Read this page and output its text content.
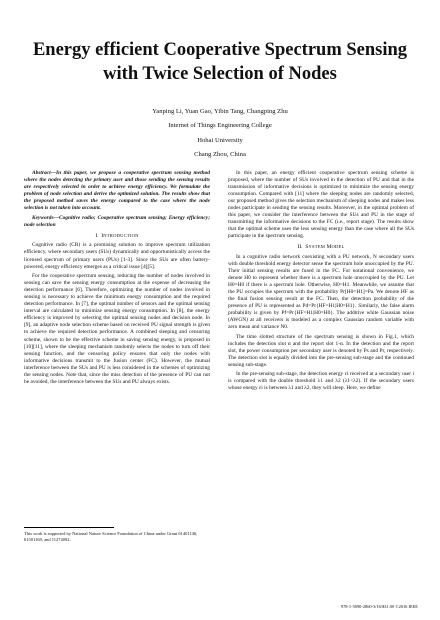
Energy efficient Cooperative Spectrum Sensing
with Twice Selection of Nodes
Yanping Li, Yuan Gao, Yibin Tang, Changping Zhu
Internet of Things Engineering College
Hohai University
Chang Zhou, China

Abstract—In this paper, we propose a cooperative spectrum sensing method where the nodes detecting the primary user and those sending the sensing results are respectively selected in order to achieve energy efficiency. We formulate the problem of node selection and derive the optimized solution. The results show that the proposed method saves the energy compared to the case where the node selection is not taken into account.

Keywords—Cognitive radio; Cooperative spectrum sensing; Energy efficiency; node selection

I. INTRODUCTION

Cognitive radio (CR) is a promising solution to improve spectrum utilization efficiency, where secondary users (SUs) dynamically and opportunistically access the licensed spectrum of primary users (PUs) [1-3]. Since the SUs are often battery-powered, energy efficiency emerges as a critical issue [4][5].

For the cooperative spectrum sensing, reducing the number of nodes involved in sensing can save the sensing energy consumption at the expense of decreasing the detection performance [6]. Therefore, optimizing the number of nodes involved in sensing is necessary to achieve the minimum energy consumption and the required detection performance. In [7], the optimal number of sensors and the optimal sensing interval are calculated to minimize sensing energy consumption. In [8], the energy efficiency is improved by selecting the optimal sensing nodes and decision node. In [9], an adaptive node selection scheme based on received PU signal strength is given to achieve the required detection performance. A combined sleeping and censoring scheme, shown to be the effective scheme in saving sensing energy, is proposed in [10][11], where the sleeping mechanism randomly selects the nodes to turn off their sensing function, and the censoring policy ensures that only the nodes with informative decisions transmit to the fusion center (FC). However, the mutual interference between the SUs and PU is less considered in the schemes of optimizing the sensing nodes. Note that, since the miss detection of the presence of PU can not be avoided, the interference between the SUs and PU always exists.

In this paper, an energy efficient cooperative spectrum sensing scheme is proposed, where the number of SUs involved in the detection of PU and that in the transmission of informative decisions is optimized to minimize the sensing energy consumption. Compared with [11] where the sleeping nodes are randomly selected, our proposed method gives the selection mechanism of sleeping nodes and makes less nodes participate in sending the sensing results. Moreover, in the optimal problem of this paper, we consider the interference between the SUs and PU in the stage of transmitting the informative decisions to the FC (i.e., report stage). The results show that the optimal scheme uses the less sensing energy than the case where all the SUs participate in the spectrum sensing.

II. SYSTEM MODEL

In a cognitive radio network coexisting with a PU network, N secondary users with double threshold energy detector sense the spectrum hole unoccupied by the PU. Their initial sensing results are fused in the FC. For notational convenience, we denote H0 to represent whether there is a spectrum hole unoccupied by the PU. Let H0=H0 if there is a spectrum hole. Otherwise, H0=H1. Meanwhile, we assume that the PU occupies the spectrum with the probability Pr[H0=H1]=Pa. We denote HF as the final fusion sensing result at the FC. Then, the detection probability of the presence of PU is represented as Pd=Pr{HF=H1|H0=H1}. Similarly, the false alarm probability is given by Pf=Pr{HF=H1|H0=H0}. The additive white Gaussian noise (AWGN) at all receivers is modeled as a complex Gaussian random variable with zero mean and variance N0.

The time slotted structure of the spectrum sensing is shown in Fig.1, which includes the detection slot α and the report slot 1-α. In the detection and the report slot, the power consumption per secondary user is denoted by Ps and Pr, respectively. The detection slot is equally divided into the pre-sensing sub-stage and the continued sensing sub-stage.

In the pre-sensing sub-stage, the detection energy εi received at a secondary user i is compared with the double threshold λ1 and λ2 (λ1<λ2). If the secondary users whose energy εi is between λ1 and λ2, they will sleep. Here, we define

This work is supported by National Nature Science Foundation of China under Grant 61401146, 61501169, and 11274092.
978-1-5090-2860-3/16/$31.00 ©2016 IEEE
